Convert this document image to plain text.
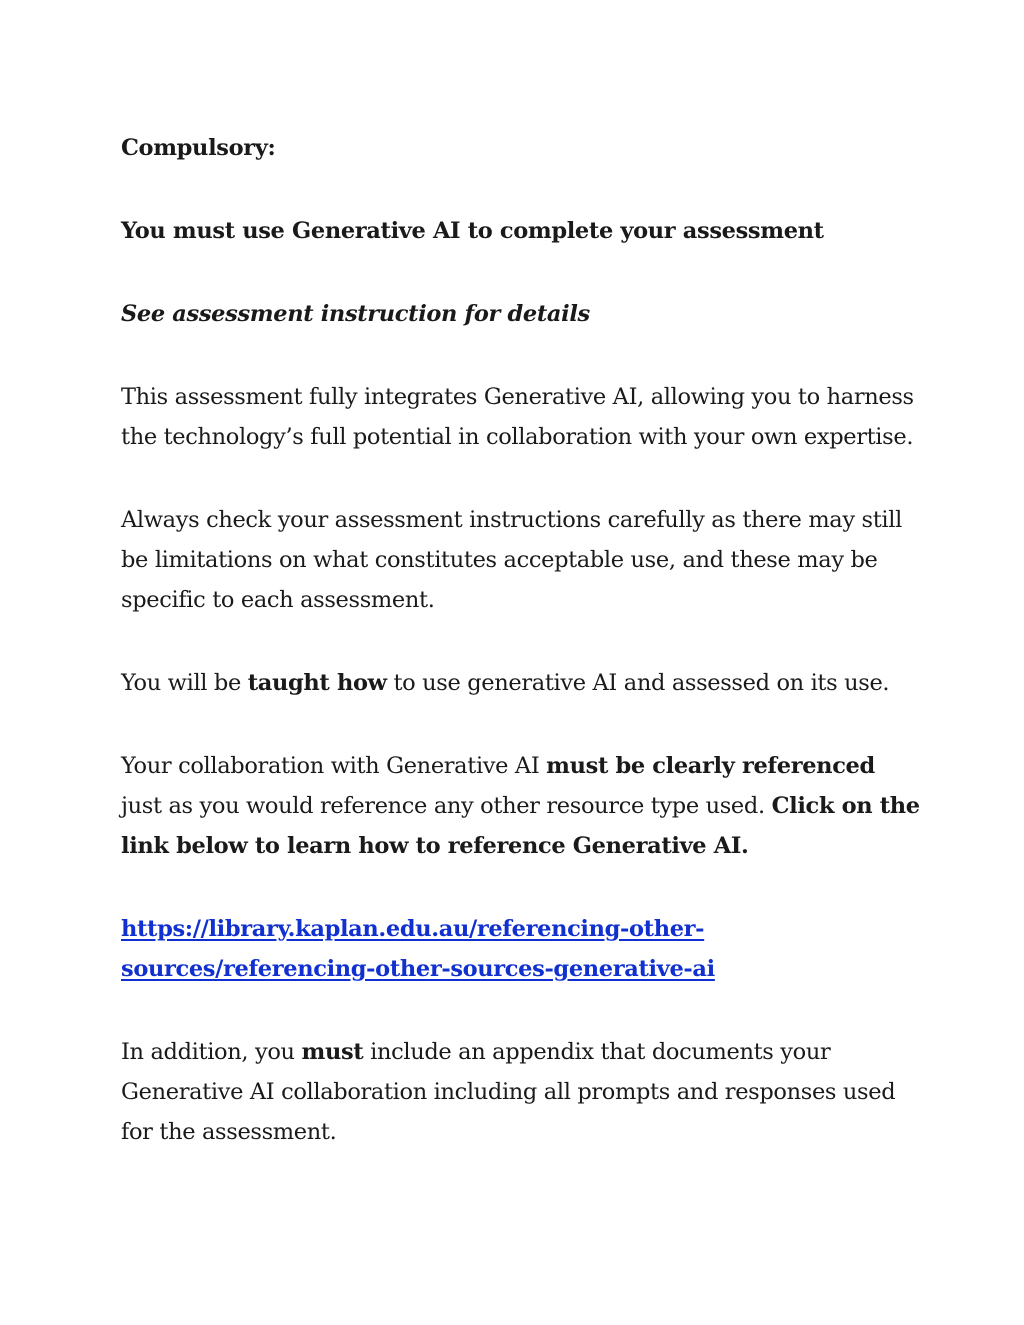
Compulsory:

You must use Generative AI to complete your assessment

See assessment instruction for details

This assessment fully integrates Generative AI, allowing you to harness the technology’s full potential in collaboration with your own expertise.

Always check your assessment instructions carefully as there may still be limitations on what constitutes acceptable use, and these may be specific to each assessment.

You will be taught how to use generative AI and assessed on its use.

Your collaboration with Generative AI must be clearly referenced just as you would reference any other resource type used. Click on the link below to learn how to reference Generative AI.

https://library.kaplan.edu.au/referencing-other-
sources/referencing-other-sources-generative-ai

In addition, you must include an appendix that documents your Generative AI collaboration including all prompts and responses used for the assessment.
